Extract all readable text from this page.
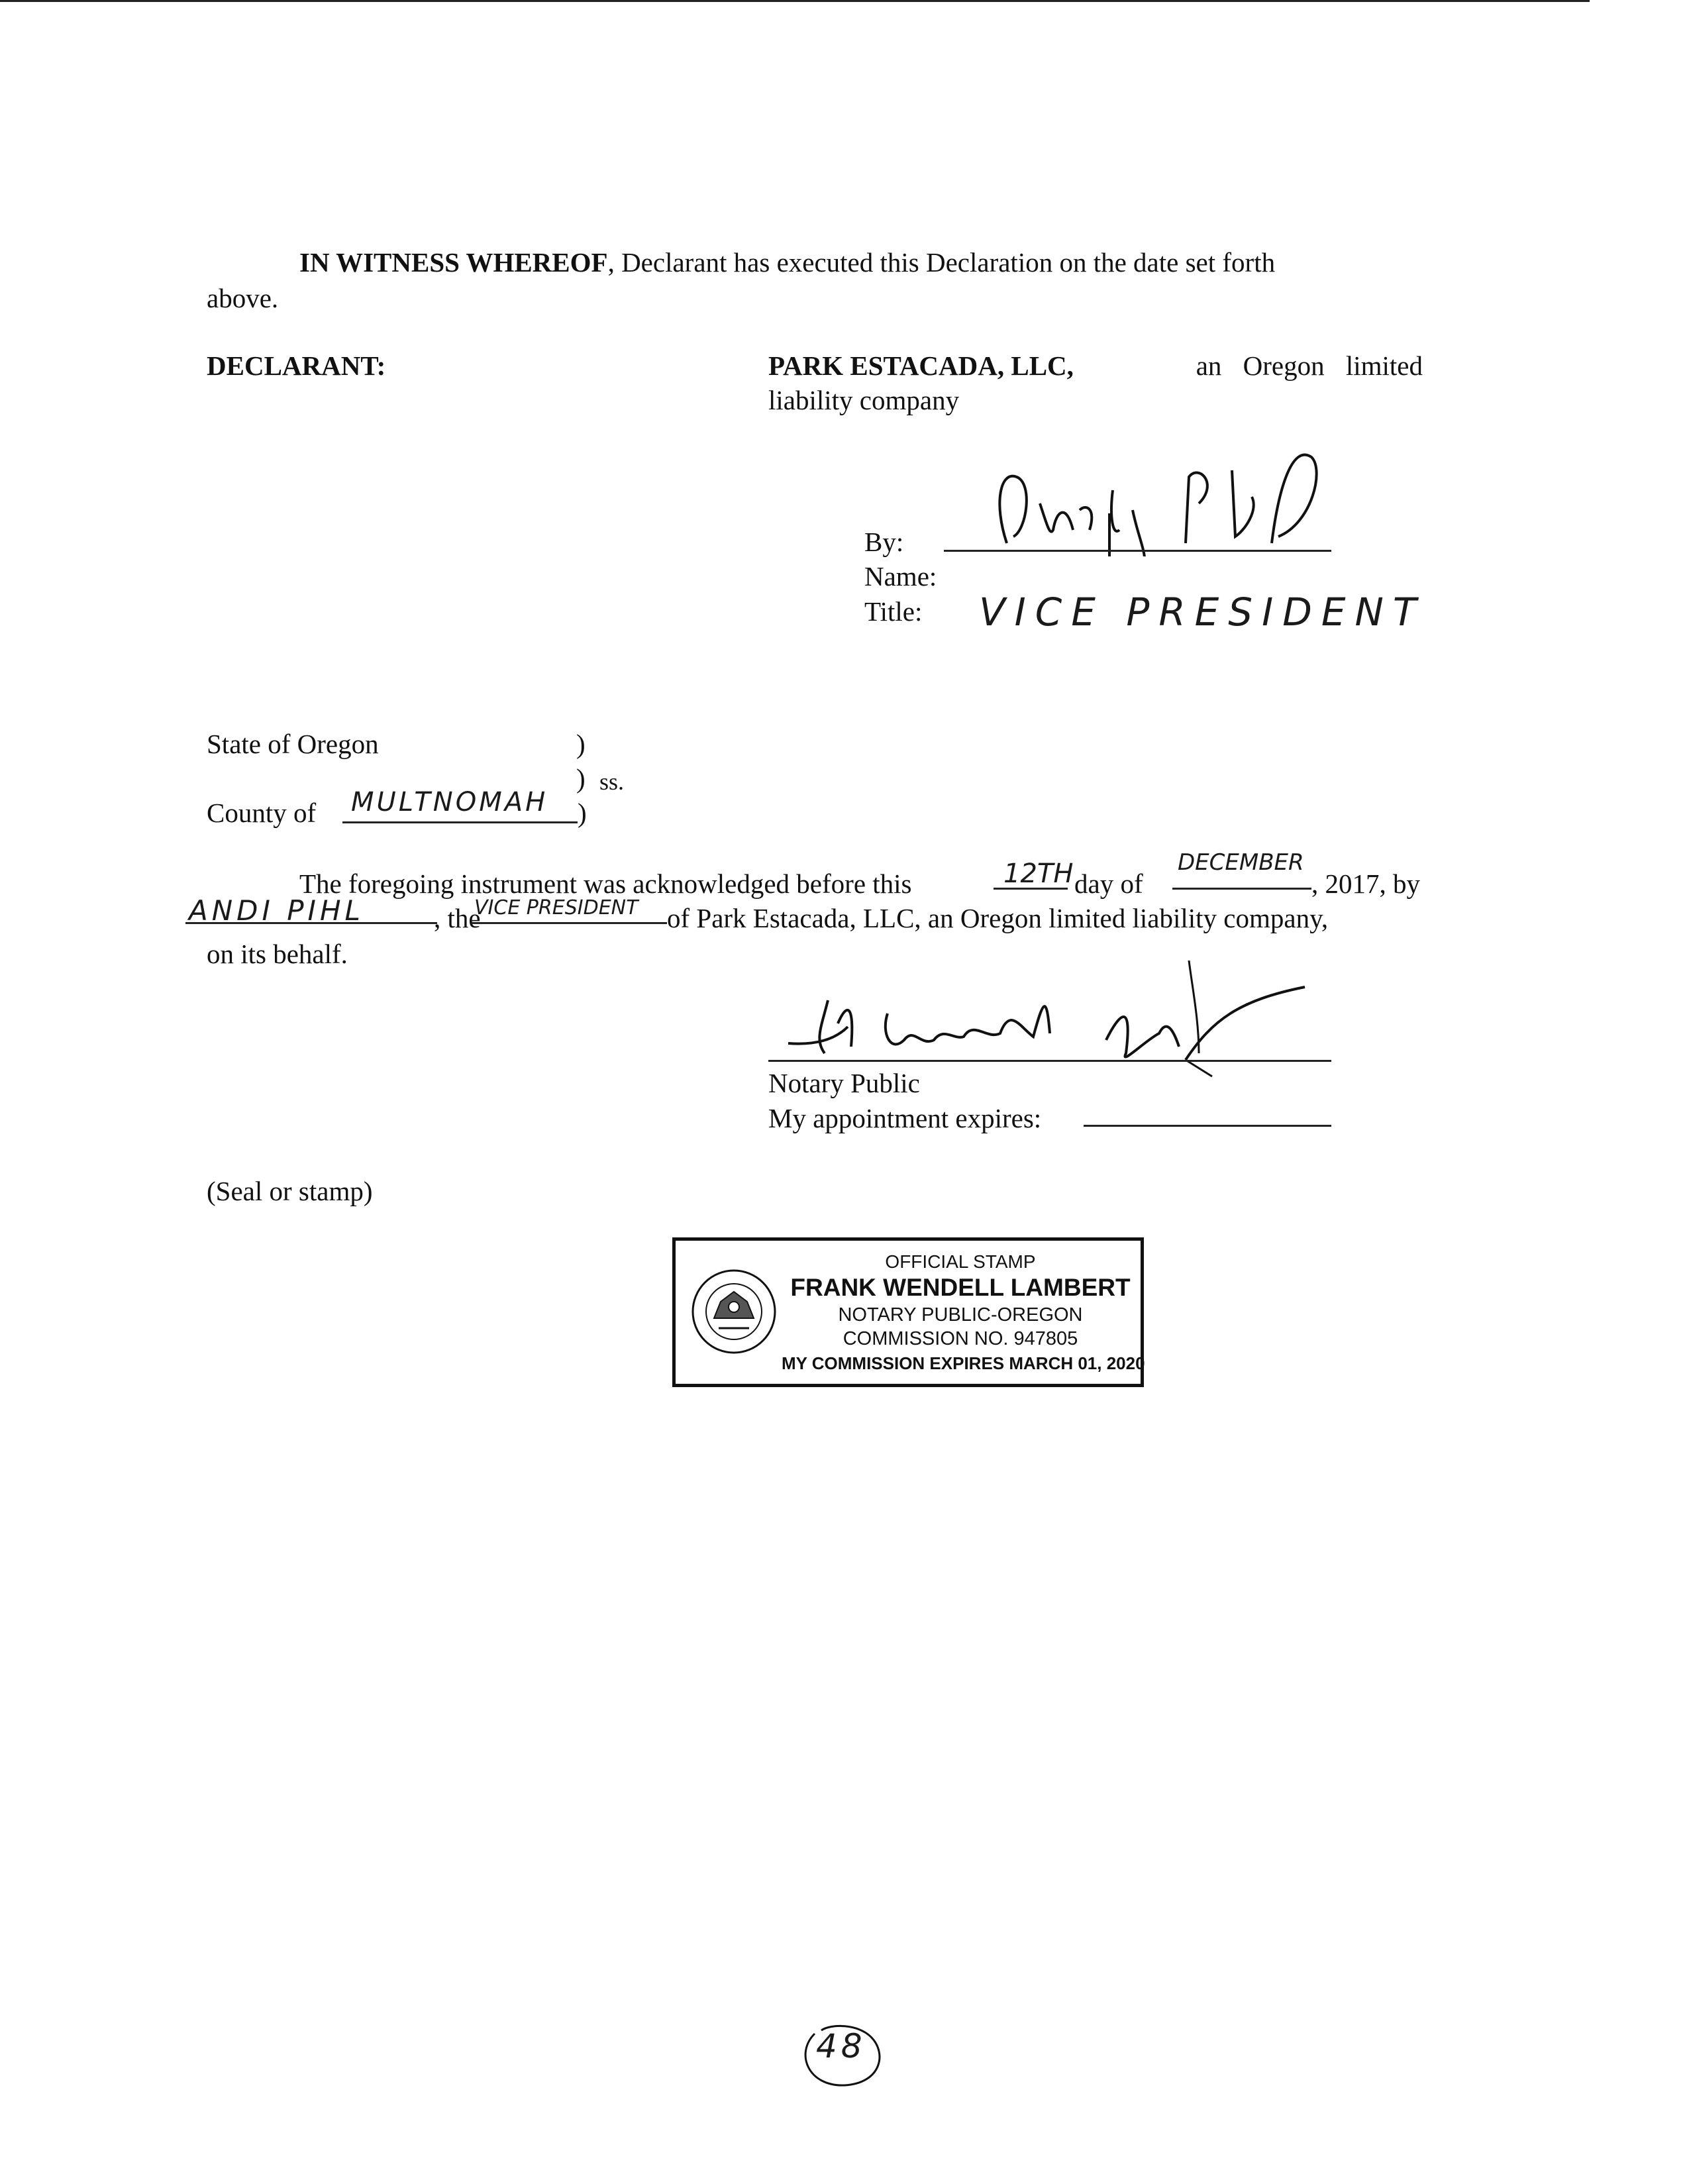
IN WITNESS WHEREOF, Declarant has executed this Declaration on the date set forth
above.
DECLARANT:	PARK ESTACADA, LLC,	an Oregon limited
liability company
By:
Name:
Title: VICE PRESIDENT
State of Oregon	)
) ss.
County of MULTNOMAH )
The foregoing instrument was acknowledged before this	12TH day of
DECEMBER
, 2017, by
ANDI PIHL	, the
VICE PRESIDENT of Park Estacada, LLC, an Oregon limited liability company,
on its behalf.
Notary Public
My appointment expires:
(Seal or stamp)
OFFICIAL STAMP
FRANK WENDELL LAMBERT
NOTARY PUBLIC-OREGON
COMMISSION NO. 947805
MY COMMISSION EXPIRES MARCH 01, 2020
48
